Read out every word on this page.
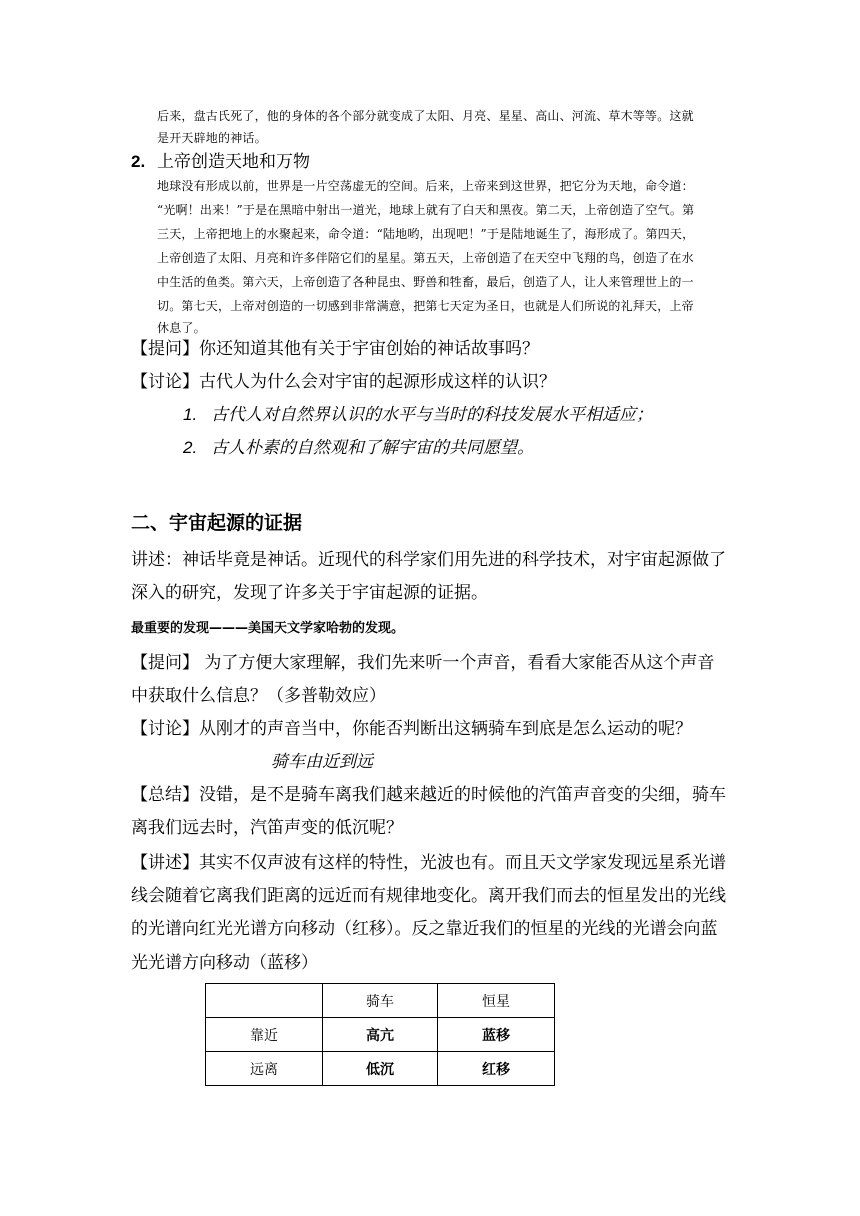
后来，盘古氏死了，他的身体的各个部分就变成了太阳、月亮、星星、高山、河流、草木等等。这就

是开天辟地的神话。

2. 上帝创造天地和万物

地球没有形成以前，世界是一片空荡虚无的空间。后来，上帝来到这世界，把它分为天地，命令道：

“光啊！出来！”于是在黑暗中射出一道光，地球上就有了白天和黑夜。第二天，上帝创造了空气。第

三天，上帝把地上的水聚起来，命令道：“陆地哟，出现吧！”于是陆地诞生了，海形成了。第四天，

上帝创造了太阳、月亮和许多伴陪它们的星星。第五天，上帝创造了在天空中飞翔的鸟，创造了在水

中生活的鱼类。第六天，上帝创造了各种昆虫、野兽和牲畜，最后，创造了人，让人来管理世上的一

切。第七天，上帝对创造的一切感到非常满意，把第七天定为圣日，也就是人们所说的礼拜天，上帝

休息了。

【提问】你还知道其他有关于宇宙创始的神话故事吗？

【讨论】古代人为什么会对宇宙的起源形成这样的认识？

1. 古代人对自然界认识的水平与当时的科技发展水平相适应；
2. 古人朴素的自然观和了解宇宙的共同愿望。
二、宇宙起源的证据

讲述：神话毕竟是神话。近现代的科学家们用先进的科学技术，对宇宙起源做了

深入的研究，发现了许多关于宇宙起源的证据。

最重要的发现———美国天文学家哈勃的发现。

【提问】 为了方便大家理解，我们先来听一个声音，看看大家能否从这个声音

中获取什么信息？（多普勒效应）

【讨论】从刚才的声音当中，你能否判断出这辆骑车到底是怎么运动的呢？

骑车由近到远

【总结】没错，是不是骑车离我们越来越近的时候他的汽笛声音变的尖细，骑车

离我们远去时，汽笛声变的低沉呢？

【讲述】其实不仅声波有这样的特性，光波也有。而且天文学家发现远星系光谱

线会随着它离我们距离的远近而有规律地变化。离开我们而去的恒星发出的光线

的光谱向红光光谱方向移动（红移）。反之靠近我们的恒星的光线的光谱会向蓝

光光谱方向移动（蓝移）

	骑车	恒星
靠近	高亢	蓝移
远离	低沉	红移
